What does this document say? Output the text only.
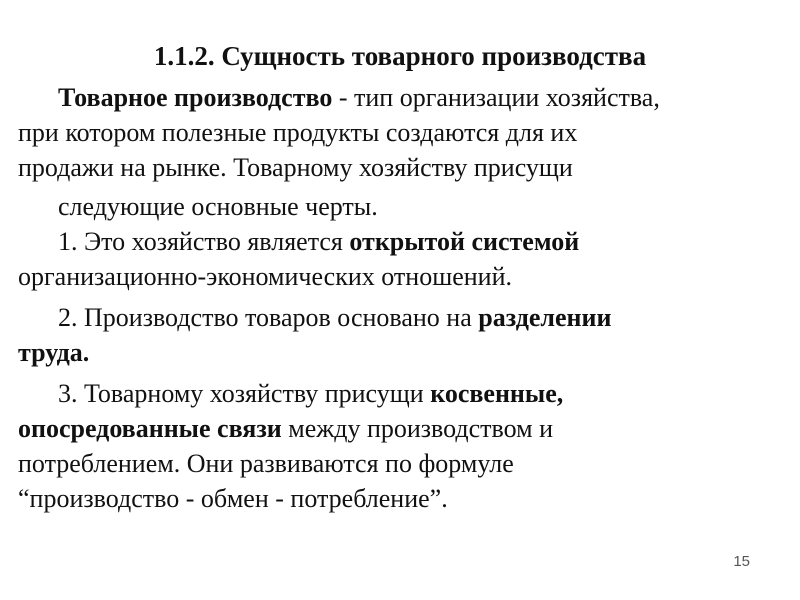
1.1.2. Сущность товарного производства

Товарное производство - тип организации хозяйства,
при котором полезные продукты создаются для их
продажи на рынке. Товарному хозяйству присущи
следующие основные черты.

1. Это хозяйство является открытой системой
организационно-экономических отношений.

2. Производство товаров основано на разделении
труда.

3. Товарному хозяйству присущи косвенные,
опосредованные связи между производством и
потреблением. Они развиваются по формуле
“производство - обмен - потребление”.

15
